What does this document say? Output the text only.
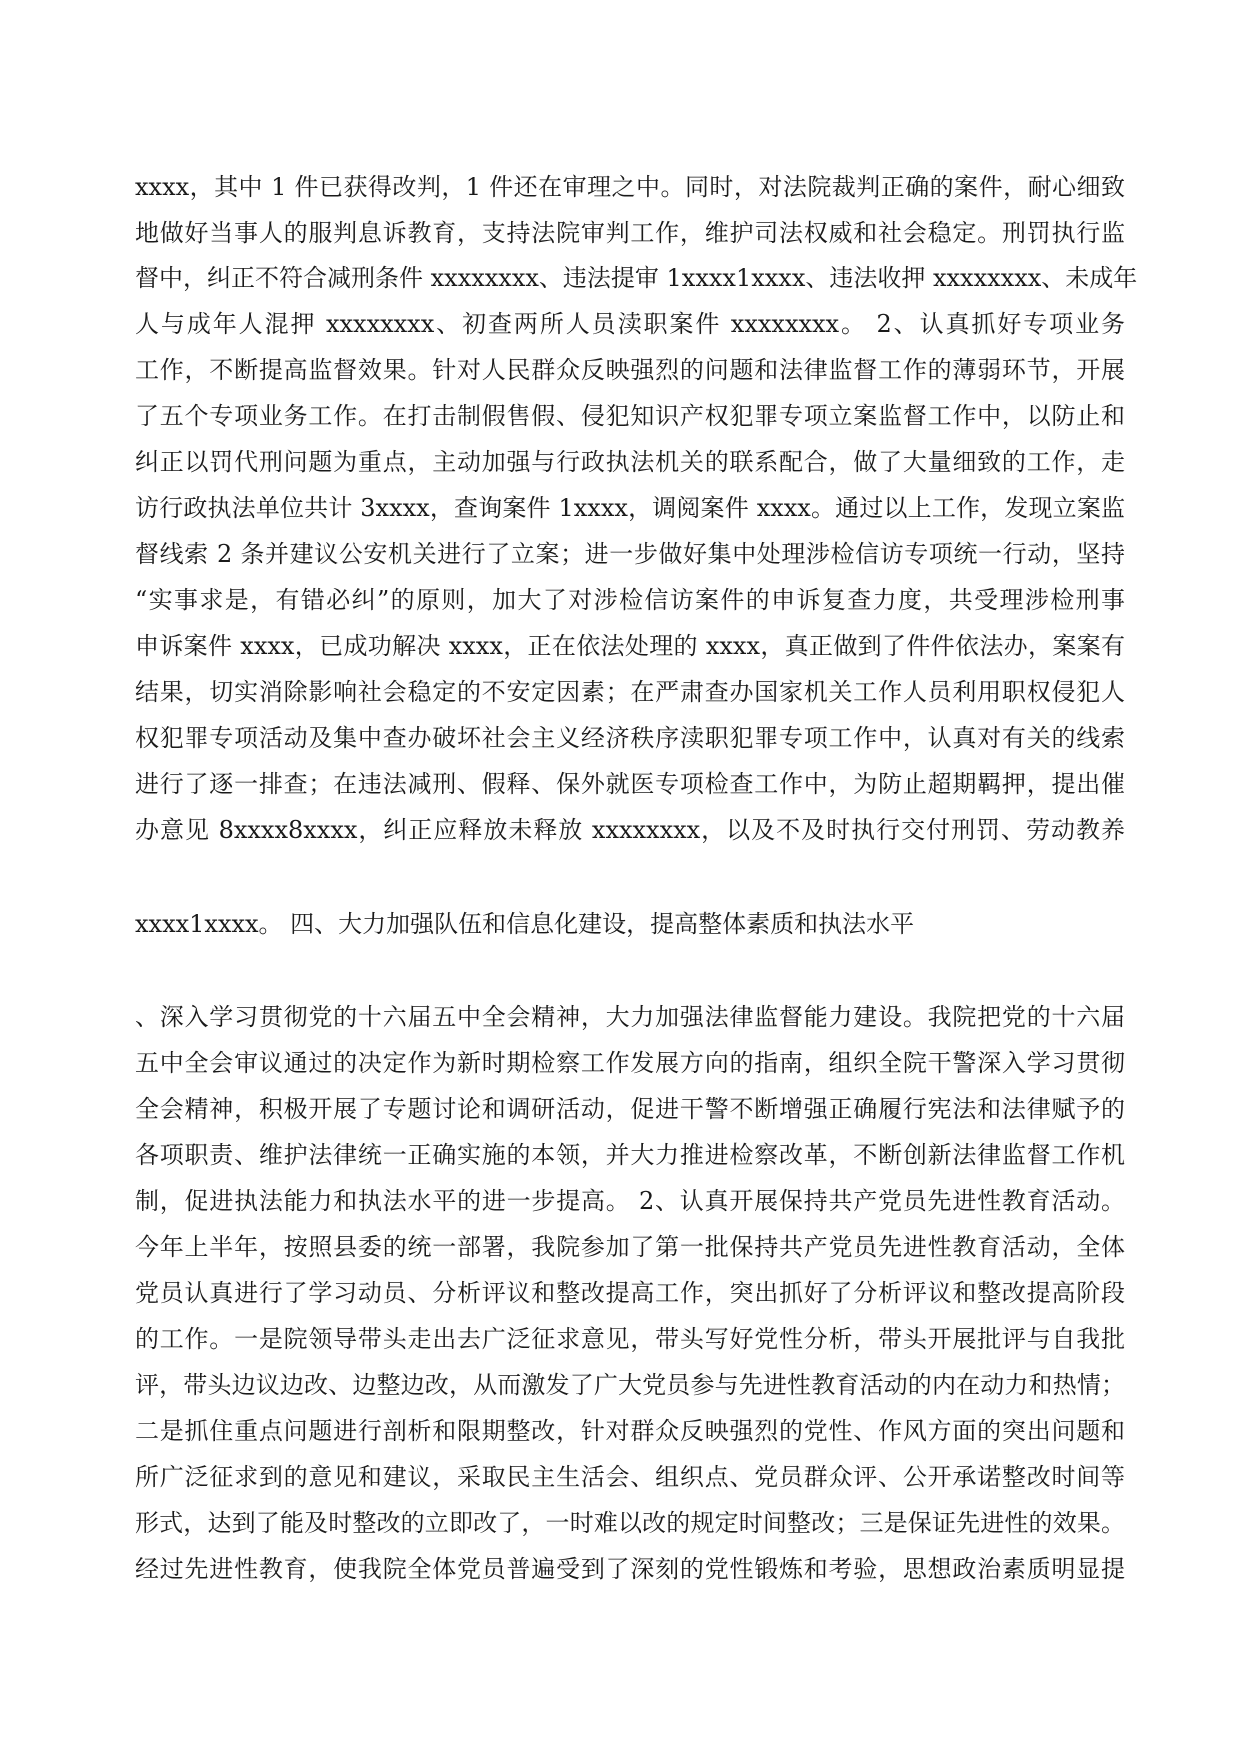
xxxx，其中 1 件已获得改判，1 件还在审理之中。同时，对法院裁判正确的案件，耐心细致

地做好当事人的服判息诉教育，支持法院审判工作，维护司法权威和社会稳定。刑罚执行监

督中，纠正不符合减刑条件 xxxxxxxx、违法提审 1xxxx1xxxx、违法收押 xxxxxxxx、未成年

人与成年人混押 xxxxxxxx、初查两所人员渎职案件 xxxxxxxx。 2、认真抓好专项业务

工作，不断提高监督效果。针对人民群众反映强烈的问题和法律监督工作的薄弱环节，开展

了五个专项业务工作。在打击制假售假、侵犯知识产权犯罪专项立案监督工作中，以防止和

纠正以罚代刑问题为重点，主动加强与行政执法机关的联系配合，做了大量细致的工作，走

访行政执法单位共计 3xxxx，查询案件 1xxxx，调阅案件 xxxx。通过以上工作，发现立案监

督线索 2 条并建议公安机关进行了立案；进一步做好集中处理涉检信访专项统一行动，坚持

“实事求是，有错必纠”的原则，加大了对涉检信访案件的申诉复查力度，共受理涉检刑事

申诉案件 xxxx，已成功解决 xxxx，正在依法处理的 xxxx，真正做到了件件依法办，案案有

结果，切实消除影响社会稳定的不安定因素；在严肃查办国家机关工作人员利用职权侵犯人

权犯罪专项活动及集中查办破坏社会主义经济秩序渎职犯罪专项工作中，认真对有关的线索

进行了逐一排查；在违法减刑、假释、保外就医专项检查工作中，为防止超期羁押，提出催

办意见 8xxxx8xxxx，纠正应释放未释放 xxxxxxxx，以及不及时执行交付刑罚、劳动教养

xxxx1xxxx。 四、大力加强队伍和信息化建设，提高整体素质和执法水平

、深入学习贯彻党的十六届五中全会精神，大力加强法律监督能力建设。我院把党的十六届

五中全会审议通过的决定作为新时期检察工作发展方向的指南，组织全院干警深入学习贯彻

全会精神，积极开展了专题讨论和调研活动，促进干警不断增强正确履行宪法和法律赋予的

各项职责、维护法律统一正确实施的本领，并大力推进检察改革，不断创新法律监督工作机

制，促进执法能力和执法水平的进一步提高。 2、认真开展保持共产党员先进性教育活动。

今年上半年，按照县委的统一部署，我院参加了第一批保持共产党员先进性教育活动，全体

党员认真进行了学习动员、分析评议和整改提高工作，突出抓好了分析评议和整改提高阶段

的工作。一是院领导带头走出去广泛征求意见，带头写好党性分析，带头开展批评与自我批

评，带头边议边改、边整边改，从而激发了广大党员参与先进性教育活动的内在动力和热情；

二是抓住重点问题进行剖析和限期整改，针对群众反映强烈的党性、作风方面的突出问题和

所广泛征求到的意见和建议，采取民主生活会、组织点、党员群众评、公开承诺整改时间等

形式，达到了能及时整改的立即改了，一时难以改的规定时间整改；三是保证先进性的效果。

经过先进性教育，使我院全体党员普遍受到了深刻的党性锻炼和考验，思想政治素质明显提
